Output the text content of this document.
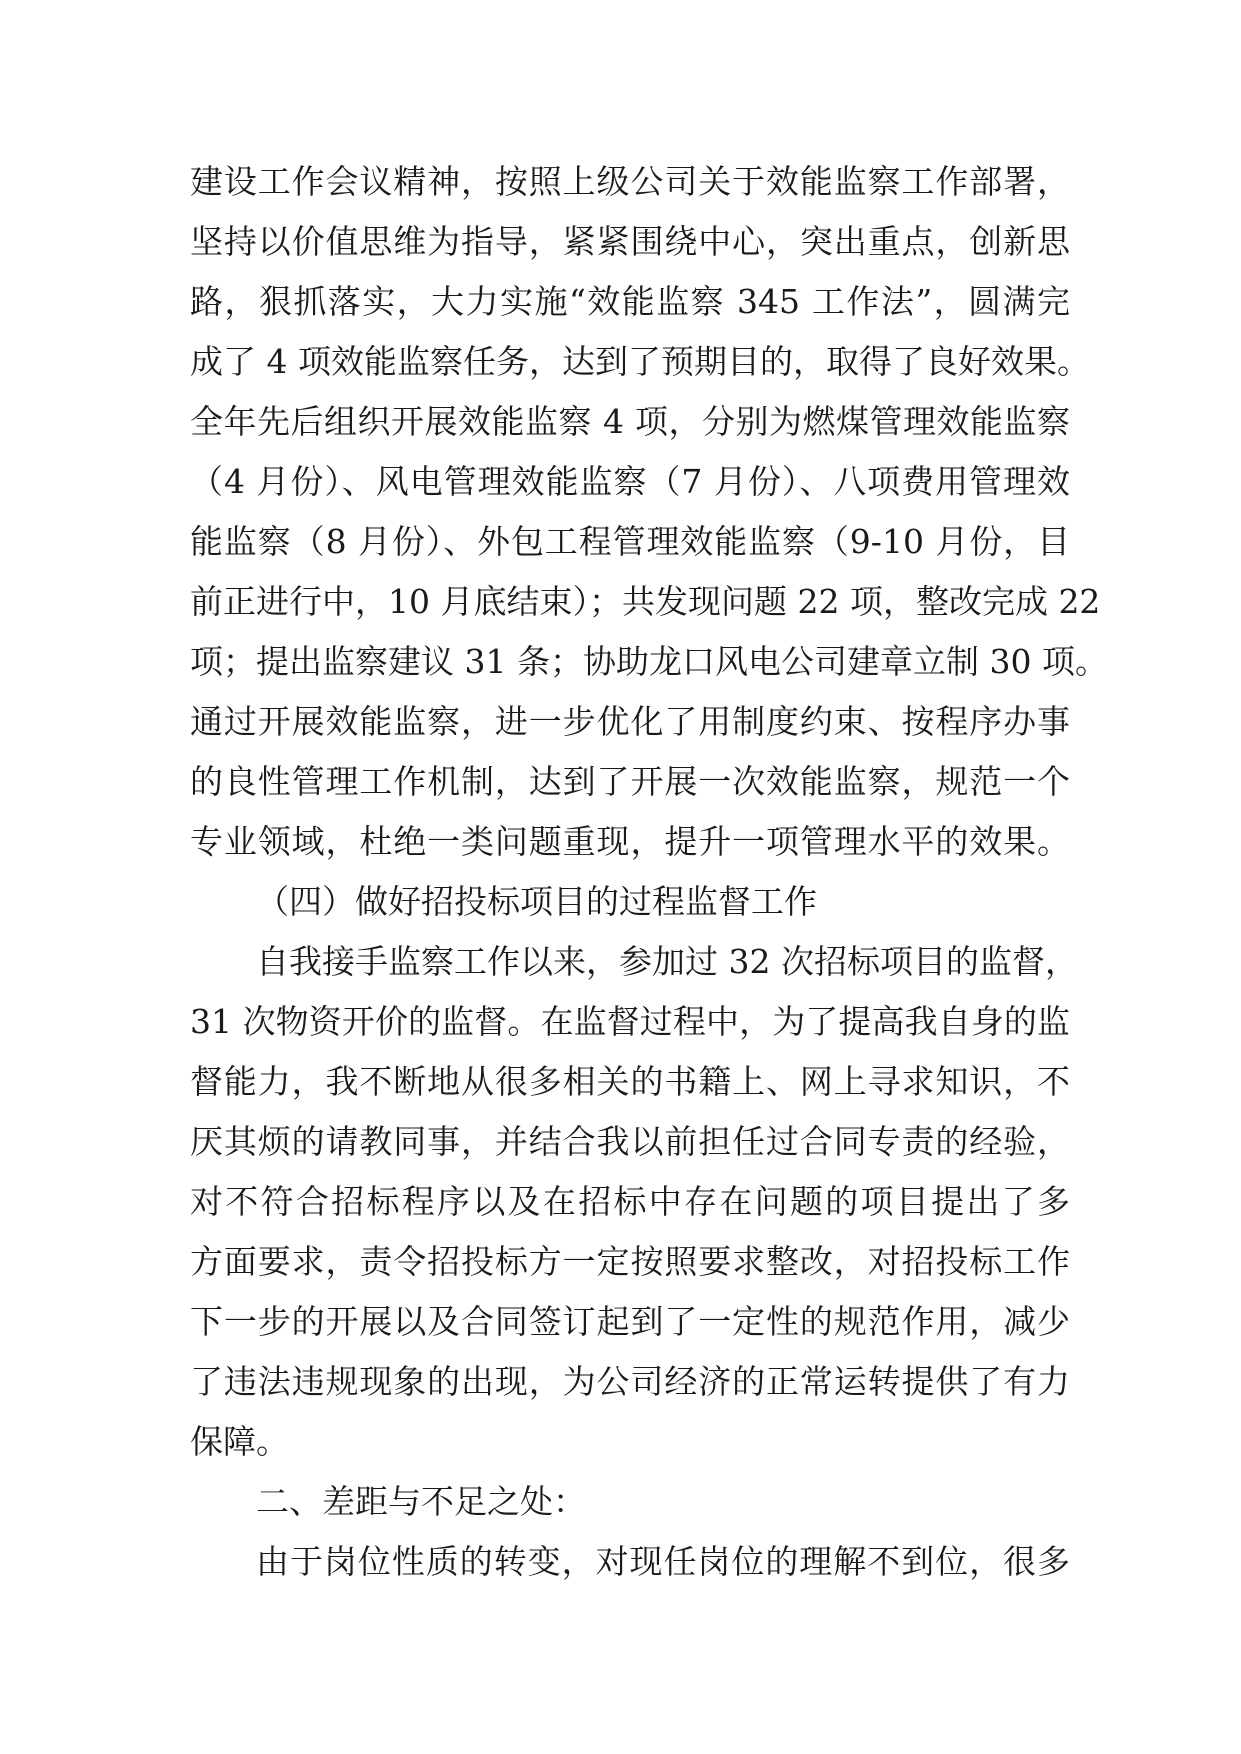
建设工作会议精神，按照上级公司关于效能监察工作部署，
坚持以价值思维为指导，紧紧围绕中心，突出重点，创新思
路，狠抓落实，大力实施“效能监察 345 工作法”，圆满完
成了 4 项效能监察任务，达到了预期目的，取得了良好效果。
全年先后组织开展效能监察 4 项，分别为燃煤管理效能监察
（4 月份）、风电管理效能监察（7 月份）、八项费用管理效
能监察（8 月份）、外包工程管理效能监察（9-10 月份，目
前正进行中，10 月底结束）；共发现问题 22 项，整改完成 22
项；提出监察建议 31 条；协助龙口风电公司建章立制 30 项。
通过开展效能监察，进一步优化了用制度约束、按程序办事
的良性管理工作机制，达到了开展一次效能监察，规范一个
专业领域，杜绝一类问题重现，提升一项管理水平的效果。
（四）做好招投标项目的过程监督工作
自我接手监察工作以来，参加过 32 次招标项目的监督，
31 次物资开价的监督。在监督过程中，为了提高我自身的监
督能力，我不断地从很多相关的书籍上、网上寻求知识，不
厌其烦的请教同事，并结合我以前担任过合同专责的经验，
对不符合招标程序以及在招标中存在问题的项目提出了多
方面要求，责令招投标方一定按照要求整改，对招投标工作
下一步的开展以及合同签订起到了一定性的规范作用，减少
了违法违规现象的出现，为公司经济的正常运转提供了有力
保障。
二、差距与不足之处：
由于岗位性质的转变，对现任岗位的理解不到位，很多
